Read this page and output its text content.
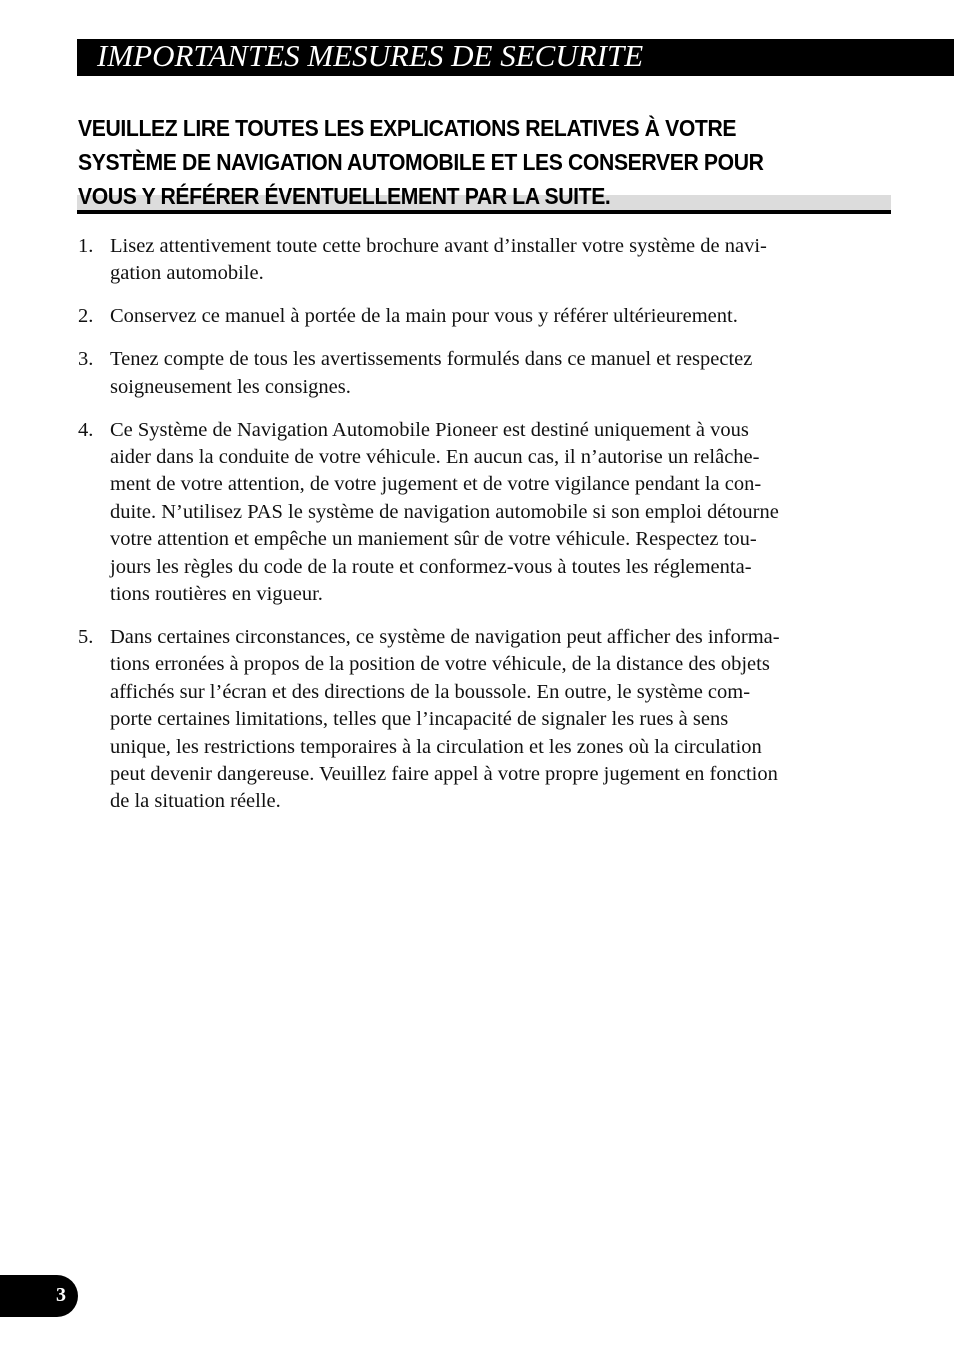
IMPORTANTES MESURES DE SECURITE
VEUILLEZ LIRE TOUTES LES EXPLICATIONS RELATIVES À VOTRE
SYSTÈME DE NAVIGATION AUTOMOBILE ET LES CONSERVER POUR
VOUS Y RÉFÉRER ÉVENTUELLEMENT PAR LA SUITE.
1. Lisez attentivement toute cette brochure avant d’installer votre système de navi-
gation automobile.
2. Conservez ce manuel à portée de la main pour vous y référer ultérieurement.
3. Tenez compte de tous les avertissements formulés dans ce manuel et respectez
soigneusement les consignes.
4. Ce Système de Navigation Automobile Pioneer est destiné uniquement à vous
aider dans la conduite de votre véhicule. En aucun cas, il n’autorise un relâche-
ment de votre attention, de votre jugement et de votre vigilance pendant la con-
duite. N’utilisez PAS le système de navigation automobile si son emploi détourne
votre attention et empêche un maniement sûr de votre véhicule. Respectez tou-
jours les règles du code de la route et conformez-vous à toutes les réglementa-
tions routières en vigueur.
5. Dans certaines circonstances, ce système de navigation peut afficher des informa-
tions erronées à propos de la position de votre véhicule, de la distance des objets
affichés sur l’écran et des directions de la boussole. En outre, le système com-
porte certaines limitations, telles que l’incapacité de signaler les rues à sens
unique, les restrictions temporaires à la circulation et les zones où la circulation
peut devenir dangereuse. Veuillez faire appel à votre propre jugement en fonction
de la situation réelle.
3
